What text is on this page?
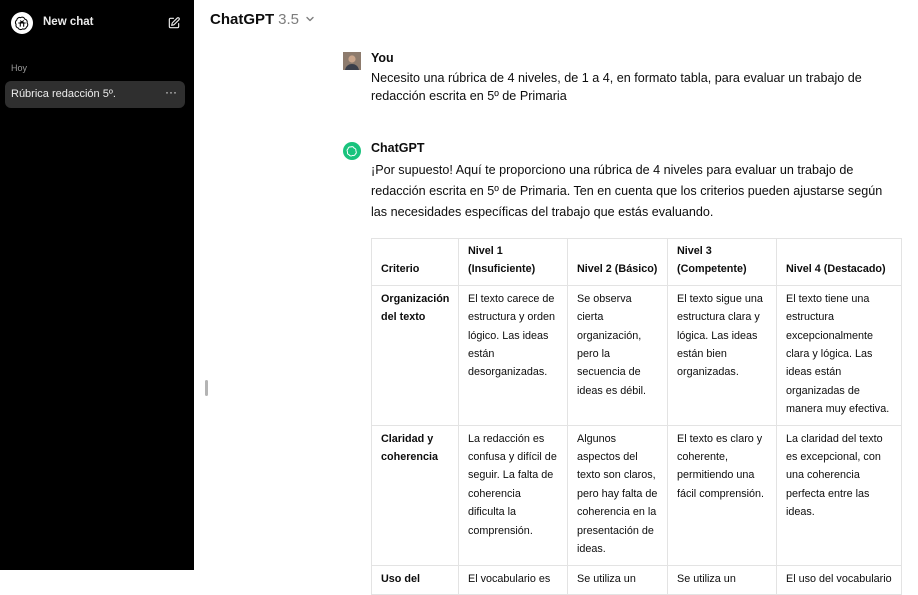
New chat
Hoy
Rúbrica redacción 5º.	···
ChatGPT 3.5
You
Necesito una rúbrica de 4 niveles, de 1 a 4, en formato tabla, para evaluar un trabajo de redacción escrita en 5º de Primaria
ChatGPT
¡Por supuesto! Aquí te proporciono una rúbrica de 4 niveles para evaluar un trabajo de redacción escrita en 5º de Primaria. Ten en cuenta que los criterios pueden ajustarse según las necesidades específicas del trabajo que estás evaluando.
Criterio	Nivel 1 (Insuficiente)	Nivel 2 (Básico)	Nivel 3 (Competente)	Nivel 4 (Destacado)
Organización del texto	El texto carece de estructura y orden lógico. Las ideas están desorganizadas.	Se observa cierta organización, pero la secuencia de ideas es débil.	El texto sigue una estructura clara y lógica. Las ideas están bien organizadas.	El texto tiene una estructura excepcionalmente clara y lógica. Las ideas están organizadas de manera muy efectiva.
Claridad y coherencia	La redacción es confusa y difícil de seguir. La falta de coherencia dificulta la comprensión.	Algunos aspectos del texto son claros, pero hay falta de coherencia en la presentación de ideas.	El texto es claro y coherente, permitiendo una fácil comprensión.	La claridad del texto es excepcional, con una coherencia perfecta entre las ideas.
Uso del	El vocabulario es	Se utiliza un	Se utiliza un	El uso del vocabulario
